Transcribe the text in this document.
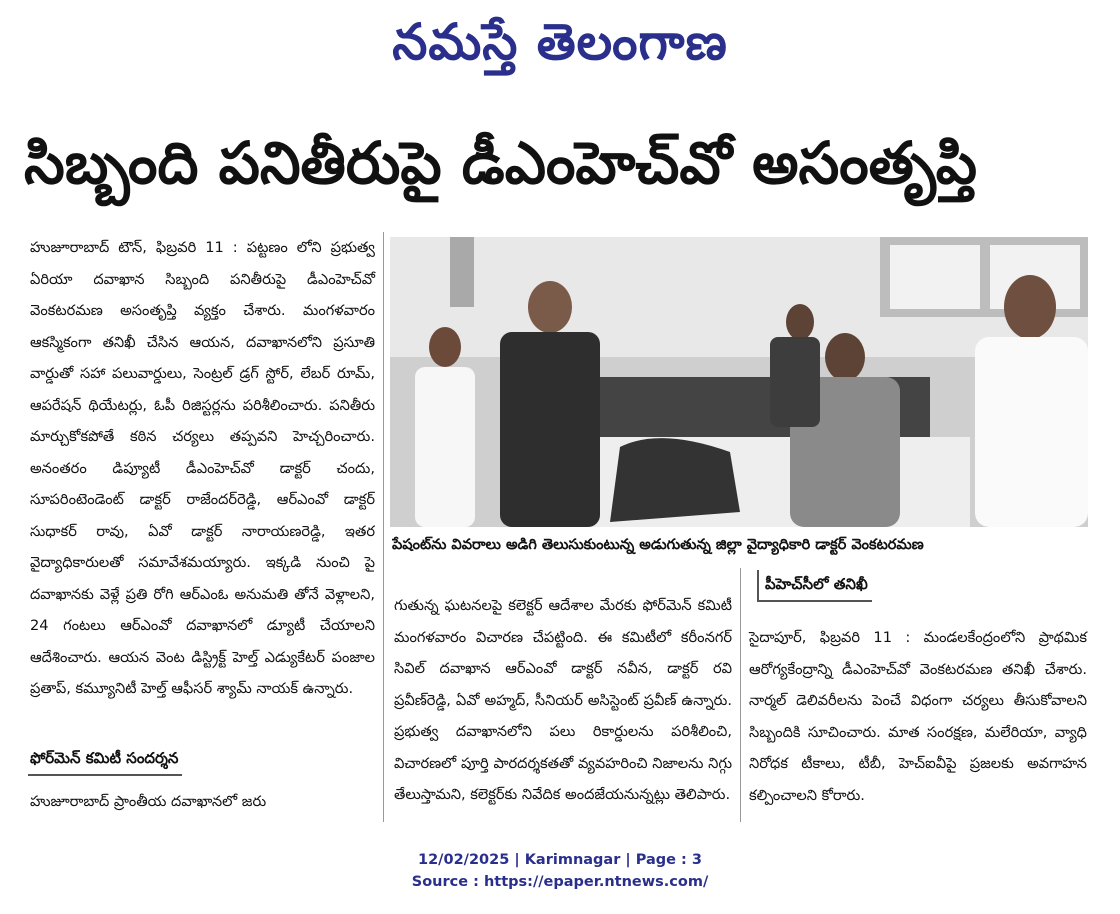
నమస్తే తెలంగాణ
సిబ్బంది పనితీరుపై డీఎంహెచ్‌వో అసంతృప్తి

హుజూరాబాద్ టౌన్, ఫిబ్రవరి 11 : పట్టణం లోని ప్రభుత్వ ఏరియా దవాఖాన సిబ్బంది పనితీరుపై డీఎంహెచ్‌వో వెంకటరమణ అసంతృప్తి వ్యక్తం చేశారు. మంగళవారం ఆకస్మికంగా తనిఖీ చేసిన ఆయన, దవాఖానలోని ప్రసూతి వార్డుతో సహా పలువార్డులు, సెంట్రల్ డ్రగ్ స్టోర్, లేబర్ రూమ్, ఆపరేషన్ థియేటర్లు, ఓపీ రిజిస్టర్లను పరిశీలించారు. పనితీరు మార్చుకోకపోతే కఠిన చర్యలు తప్పవని హెచ్చరించారు. అనంతరం డిప్యూటీ డీఎంహెచ్‌వో డాక్టర్ చందు, సూపరింటెండెంట్ డాక్టర్ రాజేందర్‌రెడ్డి, ఆర్‌ఎంవో డాక్టర్ సుధాకర్ రావు, ఏవో డాక్టర్ నారాయణరెడ్డి, ఇతర వైద్యాధికారులతో సమావేశమయ్యారు. ఇక్కడి నుంచి పై దవాఖానకు వెళ్లే ప్రతి రోగి ఆర్‌ఎంఓ అనుమతి తోనే వెళ్లాలని, 24 గంటలు ఆర్‌ఎంవో దవాఖానలో డ్యూటీ చేయాలని ఆదేశించారు. ఆయన వెంట డిస్ట్రిక్ట్ హెల్త్ ఎడ్యుకేటర్ పంజాల ప్రతాప్, కమ్యూనిటీ హెల్త్ ఆఫీసర్ శ్యామ్ నాయక్ ఉన్నారు.

ఫోర్‌మెన్ కమిటీ సందర్శన

హుజూరాబాద్ ప్రాంతీయ దవాఖానలో జరు

పేషంట్‌ను వివరాలు అడిగి తెలుసుకుంటున్న అడుగుతున్న జిల్లా వైద్యాధికారి డాక్టర్ వెంకటరమణ

గుతున్న ఘటనలపై కలెక్టర్ ఆదేశాల మేరకు ఫోర్‌మెన్ కమిటీ మంగళవారం విచారణ చేపట్టింది. ఈ కమిటీలో కరీంనగర్ సివిల్ దవాఖాన ఆర్‌ఎంవో డాక్టర్ నవీన, డాక్టర్ రవి ప్రవీణ్‌రెడ్డి, ఏవో అహ్మద్, సీనియర్ అసిస్టెంట్ ప్రవీణ్ ఉన్నారు. ప్రభుత్వ దవాఖానలోని పలు రికార్డులను పరిశీలించి, విచారణలో పూర్తి పారదర్శకతతో వ్యవహరించి నిజాలను నిగ్గు తేలుస్తామని, కలెక్టర్‌కు నివేదిక అందజేయనున్నట్లు తెలిపారు.

పీహెచ్‌సీలో తనిఖీ

సైదాపూర్, ఫిబ్రవరి 11 : మండలకేంద్రంలోని ప్రాథమిక ఆరోగ్యకేంద్రాన్ని డీఎంహెచ్‌వో వెంకటరమణ తనిఖీ చేశారు. నార్మల్ డెలివరీలను పెంచే విధంగా చర్యలు తీసుకోవాలని సిబ్బందికి సూచించారు. మాత సంరక్షణ, మలేరియా, వ్యాధి నిరోధక టీకాలు, టీబీ, హెచ్‌ఐవీపై ప్రజలకు అవగాహన కల్పించాలని కోరారు.

12/02/2025 | Karimnagar | Page : 3
Source : https://epaper.ntnews.com/
